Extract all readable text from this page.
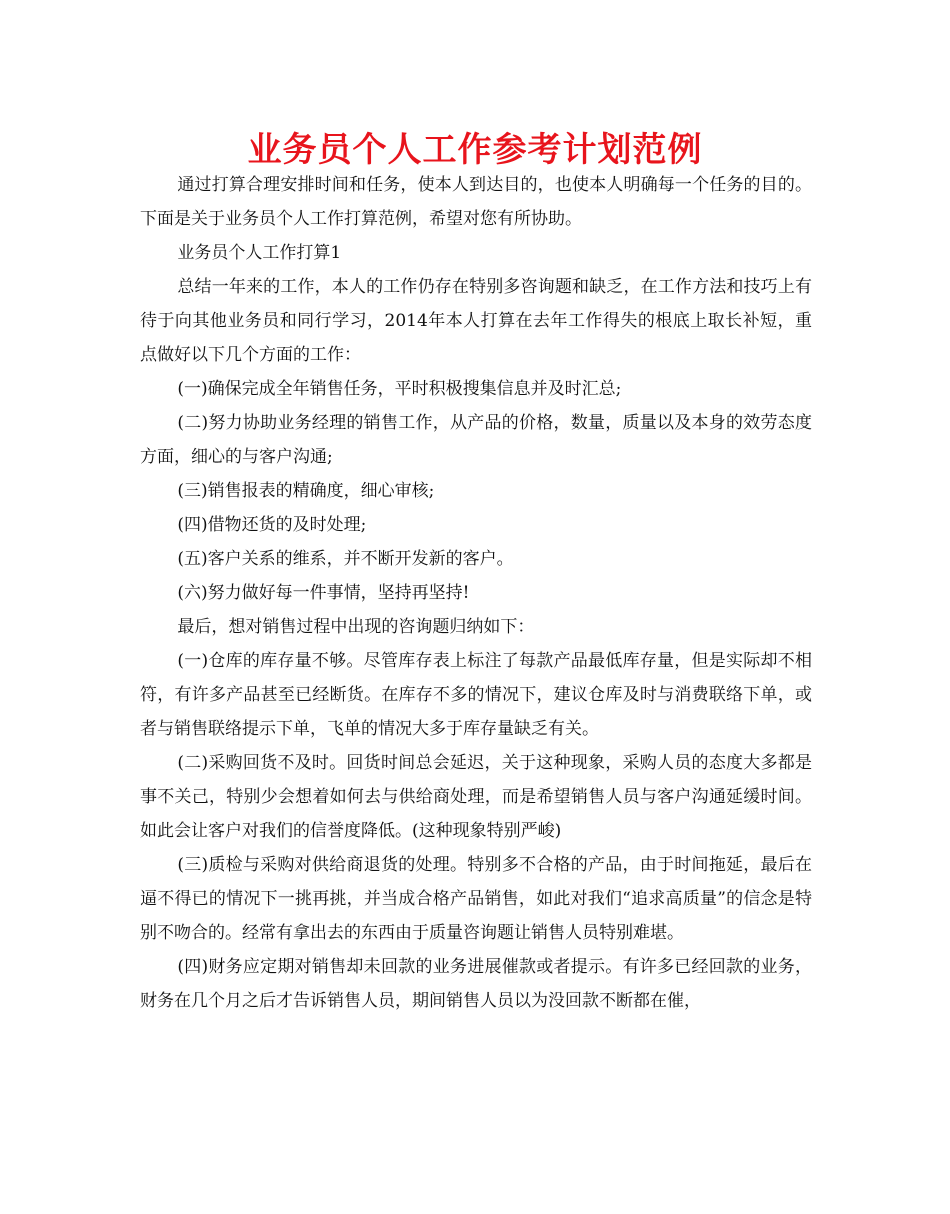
业务员个人工作参考计划范例

通过打算合理安排时间和任务，使本人到达目的，也使本人明确每一个任务的目的。下面是关于业务员个人工作打算范例，希望对您有所协助。

业务员个人工作打算1

总结一年来的工作，本人的工作仍存在特别多咨询题和缺乏，在工作方法和技巧上有待于向其他业务员和同行学习，2014年本人打算在去年工作得失的根底上取长补短，重点做好以下几个方面的工作：

(一)确保完成全年销售任务，平时积极搜集信息并及时汇总;

(二)努力协助业务经理的销售工作，从产品的价格，数量，质量以及本身的效劳态度方面，细心的与客户沟通;

(三)销售报表的精确度，细心审核;

(四)借物还货的及时处理;

(五)客户关系的维系，并不断开发新的客户。

(六)努力做好每一件事情，坚持再坚持!

最后，想对销售过程中出现的咨询题归纳如下：

(一)仓库的库存量不够。尽管库存表上标注了每款产品最低库存量，但是实际却不相符，有许多产品甚至已经断货。在库存不多的情况下，建议仓库及时与消费联络下单，或者与销售联络提示下单，飞单的情况大多于库存量缺乏有关。

(二)采购回货不及时。回货时间总会延迟，关于这种现象，采购人员的态度大多都是事不关己，特别少会想着如何去与供给商处理，而是希望销售人员与客户沟通延缓时间。如此会让客户对我们的信誉度降低。(这种现象特别严峻)

(三)质检与采购对供给商退货的处理。特别多不合格的产品，由于时间拖延，最后在逼不得已的情况下一挑再挑，并当成合格产品销售，如此对我们“追求高质量”的信念是特别不吻合的。经常有拿出去的东西由于质量咨询题让销售人员特别难堪。

(四)财务应定期对销售却未回款的业务进展催款或者提示。有许多已经回款的业务，财务在几个月之后才告诉销售人员，期间销售人员以为没回款不断都在催，
